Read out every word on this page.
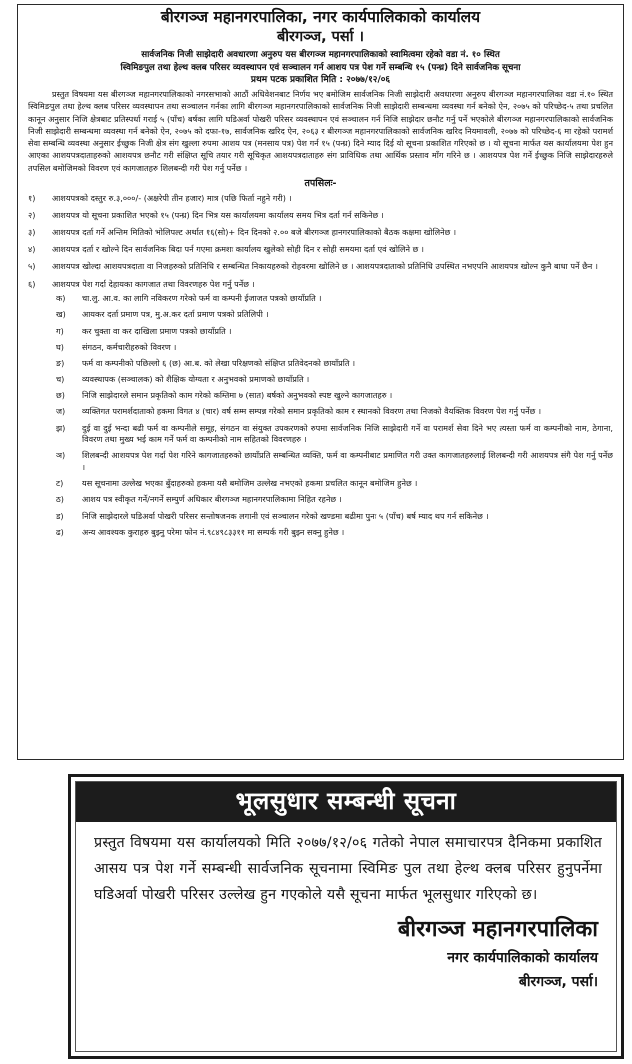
बीरगञ्ज महानगरपालिका, नगर कार्यपालिकाको कार्यालय
बीरगञ्ज, पर्सा ।
सार्वजनिक निजी साझेदारी अवधारणा अनुरुप यस बीरगञ्ज महानगरपालिकाको स्वामित्वमा रहेको वडा नं. १० स्थित
स्विमिङपुल तथा हेल्थ क्लब परिसर व्यवस्थापन एवं सञ्चालन गर्न आशय पत्र पेश गर्ने सम्बन्धि १५ (पन्ध्र) दिने सार्वजनिक सूचना
प्रथम पटक प्रकाशित मिति : २०७७/१२/०६

प्रस्तुत विषयमा यस बीरगञ्ज महानगरपालिकाको नगरसभाको आठौं अधिवेशनबाट निर्णय भए बमोजिम सार्वजनिक निजी साझेदारी अवधारणा अनुरुप बीरगञ्ज महानगरपालिका वडा नं.१० स्थित स्विमिङपुल तथा हेल्थ क्लब परिसर व्यवस्थापन तथा सञ्चालन गर्नका लागि बीरगञ्ज महानगरपालिकाको सार्वजनिक निजी साझेदारी सम्बन्धमा व्यवस्था गर्न बनेको ऐन, २०७५ को परिच्छेद-५ तथा प्रचलित कानून अनुसार निजि क्षेत्रबाट प्रतिस्पर्धा गराई ५ (पाँच) बर्षका लागि घडिअर्वा पोखरी परिसर व्यवस्थापन एवं सञ्चालन गर्न निजि साझेदार छनौट गर्नु पर्ने भएकोले बीरगञ्ज महानगरपालिकाको सार्वजनिक निजी साझेदारी सम्बन्धमा व्यवस्था गर्न बनेको ऐन, २०७५ को दफा-१७, सार्वजनिक खरिद ऐन, २०६३ र बीरगञ्ज महानगरपालिकाको सार्वजनिक खरिद नियमावली, २०७७ को परिच्छेद-६ मा रहेको परामर्श सेवा सम्बन्धि व्यवस्था अनुसार ईच्छुक निजी क्षेत्र संग खुल्ला रुपमा आशय पत्र (मनसाय पत्र) पेश गर्न १५ (पन्ध्र) दिने म्याद दिई यो सूचना प्रकाशित गरिएको छ । यो सूचना मार्फत यस कार्यालयमा पेश हुन आएका आशयपत्रदाताहरुको आशयपत्र छनौट गरी संक्षिप्त सूचि तयार गरी सूचिकृत आशयपत्रदाताहरु संग प्राविधिक तथा आर्थिक प्रस्ताव माँग गरिने छ । आशयपत्र पेश गर्ने ईच्छुक निजि साझेदारहरुले तपसिल बमोजिमको विवरण एवं कागजातहरु शिलबन्दी गरी पेश गर्नु पर्नेछ ।

तपसिलः-
१)	आशयपत्रको दस्तुर रु.३,०००/- (अक्षरेपी तीन हजार) मात्र (पछि फिर्ता नहुने गरी) ।
२)	आशयपत्र यो सूचना प्रकाशित भएको १५ (पन्ध्र) दिन भित्र यस कार्यालयमा कार्यालय समय भित्र दर्ता गर्न सकिनेछ ।
३)	आशयपत्र दर्ता गर्ने अन्तिम मितिको भोलिपल्ट अर्थात १६(सो)+ दिन दिनको २.०० बजे बीरगञ्ज हानगरपालिकाको बैठक कक्षमा खोलिनेछ ।
४)	आशयपत्र दर्ता र खोल्ने दिन सार्वजनिक बिदा पर्न गएमा क्रमशः कार्यालय खुलेको सोही दिन र सोही समयमा दर्ता एवं खोलिने छ ।
५)	आशयपत्र खोल्दा आशयपत्रदाता वा निजहरुको प्रतिनिधि र सम्बन्धित निकायहरुको रोहवरमा खोलिने छ । आशयपत्रदाताको प्रतिनिधि उपस्थित नभएपनि आशयपत्र खोल्न कुनै बाधा पर्ने छैन ।
६)	आशयपत्र पेश गर्दा देहायका कागजात तथा विवरणहरु पेश गर्नु पर्नेछ ।
क)	चा.लु. आ.व. का लागि नविकरण गरेको फर्म वा कम्पनी ईजाजत पत्रको छायाँप्रति ।
ख)	आयकर दर्ता प्रमाण पत्र, मु.अ.कर दर्ता प्रमाण पत्रको प्रतिलिपी ।
ग)	कर चुक्ता वा कर दाखिला प्रमाण पत्रको छायाँप्रति ।
घ)	संगठन, कर्मचारीहरुको विवरण ।
ङ)	फर्म वा कम्पनीको पछिल्लो ६ (छ) आ.ब. को लेखा परिक्षणको संक्षिप्त प्रतिवेदनको छायाँप्रति ।
च)	व्यवस्थापक (सञ्चालक) को शैक्षिक योग्यता र अनुभवको प्रमाणको छायाँप्रति ।
छ)	निजि साझेदारले समान प्रकृतिको काम गरेको कम्तिमा ७ (सात) बर्षको अनुभवको स्पष्ट खुल्ने कागजातहरु ।
ज)	व्यक्तिगत परामर्शदाताको हकमा विगत ४ (चार) वर्ष सम्म सम्पन्न गरेको समान प्रकृतिको काम र स्थानको विवरण तथा निजको वैयक्तिक विवरण पेश गर्नु पर्नेछ ।
झ)	दुई वा दुई भन्दा बढी फर्म वा कम्पनीले समूह, संगठन वा संयुक्त उपकरणको रुपमा सार्वजनिक निजि साझेदारी गर्ने वा परामर्श सेवा दिने भए त्यस्ता फर्म वा कम्पनीको नाम, ठेगाना, विवरण तथा मुख्य भई काम गर्ने फर्म वा कम्पनीको नाम सहितको विवरणहरु ।
ञ)	शिलबन्दी आशयपत्र पेश गर्दा पेश गरिने कागजातहरुको छायाँप्रति सम्बन्धित व्यक्ति, फर्म वा कम्पनीबाट प्रमाणित गरी उक्त कागजातहरुलाई शिलबन्दी गरी आशयपत्र संगै पेश गर्नु पर्नेछ ।
ट)	यस सूचनामा उल्लेख भएका बुँदाहरुको हकमा यसै बमोजिम उल्लेख नभएको हकमा प्रचलित कानून बमोजिम हुनेछ ।
ठ)	आशय पत्र स्वीकृत गर्ने/नगर्ने सम्पुर्ण अधिकार बीरगञ्ज महानगरपालिकामा निहित रहनेछ ।
ड)	निजि साझेदारले घडिअर्वा पोखरी परिसर सन्तोषजनक लगानी एवं सञ्चालन गरेको खण्डमा बढीमा पुनः ५ (पाँच) बर्ष म्याद थप गर्न सकिनेछ ।
ढ)	अन्य आवश्यक कुराहरु बुझ्नु परेमा फोन नं.९८४९८३३११ मा सम्पर्क गरी बुझ्न सक्नु हुनेछ ।
भूलसुधार सम्बन्धी सूचना

प्रस्तुत विषयमा यस कार्यालयको मिति २०७७/१२/०६ गतेको नेपाल समाचारपत्र दैनिकमा प्रकाशित आसय पत्र पेश गर्ने सम्बन्धी सार्वजनिक सूचनामा स्विमिङ पुल तथा हेल्थ क्लब परिसर हुनुपर्नेमा घडिअर्वा पोखरी परिसर उल्लेख हुन गएकोले यसै सूचना मार्फत भूलसुधार गरिएको छ।

बीरगञ्ज महानगरपालिका
नगर कार्यपालिकाको कार्यालय
बीरगञ्ज, पर्सा।
